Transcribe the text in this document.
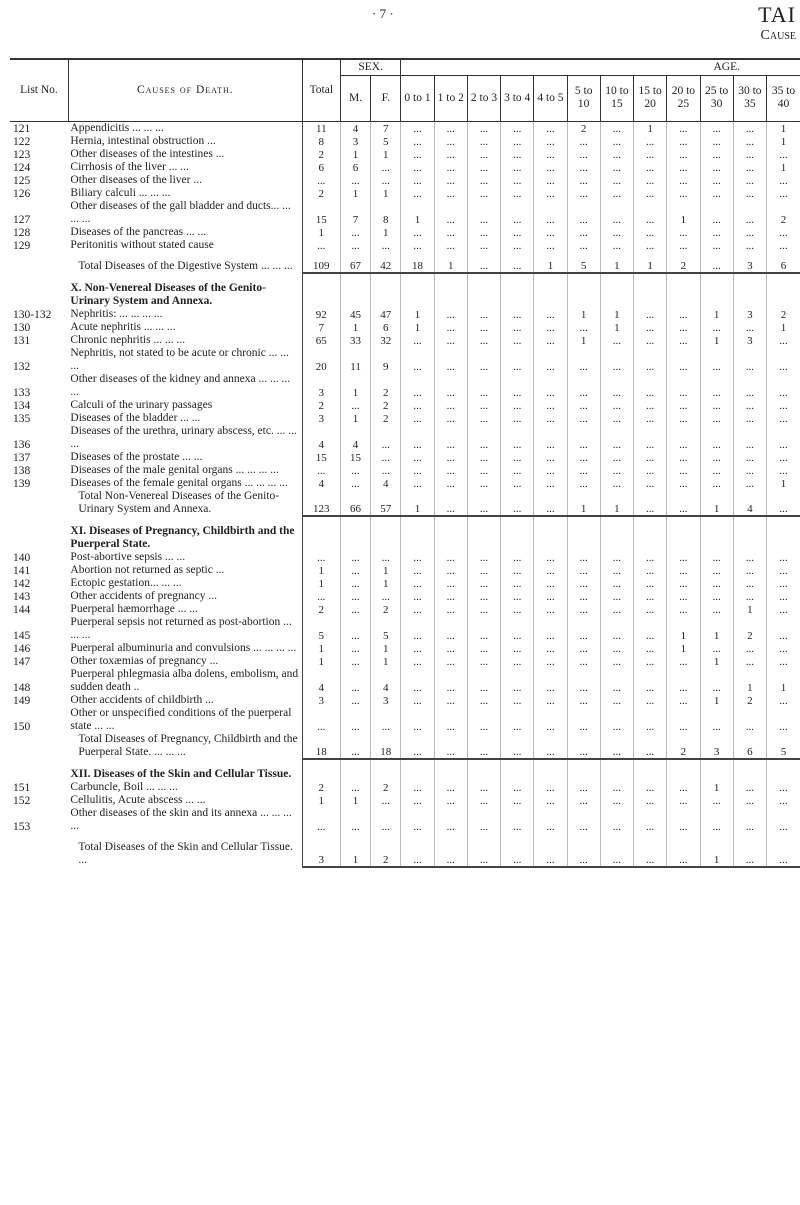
· 7 ·	TAI
Cause
List No.	Causes of Death.	Total	SEX.		AGE.											
			M.	F.	0 to 1	1 to 2	2 to 3	3 to 4	4 to 5	5 to 10	10 to 15	15 to 20	20 to 25	25 to 30	30 to 35	35 to 40
121	Appendicitis ... ... ...	11	4	7	...	...	...	...	...	2	...	1	...	...	...	1
122	Hernia, intestinal obstruction ...	8	3	5	...	...	...	...	...	...	...	...	...	...	...	1
123	Other diseases of the intestines ...	2	1	1	...	...	...	...	...	...	...	...	...	...	...	...
124	Cirrhosis of the liver ... ...	6	6	...	...	...	...	...	...	...	...	...	...	...	...	1
125	Other diseases of the liver ...	...	...	...	...	...	...	...	...	...	...	...	...	...	...	...
126	Biliary calculi ... ... ...	2	1	1	...	...	...	...	...	...	...	...	...	...	...	...
127	Other diseases of the gall bladder and ducts... ... ... ...	15	7	8	1	...	...	...	...	...	...	...	1	...	...	2
128	Diseases of the pancreas ... ...	1	...	1	...	...	...	...	...	...	...	...	...	...	...	...
129	Peritonitis without stated cause	...	...	...	...	...	...	...	...	...	...	...	...	...	...	...

	Total Diseases of the Digestive System ... ... ...	109	67	42	18	1	...	...	1	5	1	1	2	...	3	6

	X. Non-Venereal Diseases of the Genito-Urinary System and Annexa.															
130-132	Nephritis: ... ... ... ...	92	45	47	1	...	...	...	...	1	1	...	...	1	3	2
130	Acute nephritis ... ... ...	7	1	6	1	...	...	...	...	...	1	...	...	...	...	1
131	Chronic nephritis ... ... ...	65	33	32	...	...	...	...	...	1	...	...	...	1	3	...
132	Nephritis, not stated to be acute or chronic ... ... ...	20	11	9	...	...	...	...	...	...	...	...	...	...	...	...
133	Other diseases of the kidney and annexa ... ... ... ...	3	1	2	...	...	...	...	...	...	...	...	...	...	...	...
134	Calculi of the urinary passages	2	...	2	...	...	...	...	...	...	...	...	...	...	...	...
135	Diseases of the bladder ... ...	3	1	2	...	...	...	...	...	...	...	...	...	...	...	...
136	Diseases of the urethra, urinary abscess, etc. ... ... ...	4	4	...	...	...	...	...	...	...	...	...	...	...	...	...
137	Diseases of the prostate ... ...	15	15	...	...	...	...	...	...	...	...	...	...	...	...	...
138	Diseases of the male genital organs ... ... ... ...	...	...	...	...	...	...	...	...	...	...	...	...	...	...	...
139	Diseases of the female genital organs ... ... ... ...	4	...	4	...	...	...	...	...	...	...	...	...	...	...	1
	Total Non-Venereal Diseases of the Genito-Urinary System and Annexa.	123	66	57	1	...	...	...	...	1	1	...	...	1	4	...

	XI. Diseases of Pregnancy, Childbirth and the Puerperal State.															
140	Post-abortive sepsis ... ...	...	...	...	...	...	...	...	...	...	...	...	...	...	...	...
141	Abortion not returned as septic ...	1	...	1	...	...	...	...	...	...	...	...	...	...	...	...
142	Ectopic gestation... ... ...	1	...	1	...	...	...	...	...	...	...	...	...	...	...	...
143	Other accidents of pregnancy ...	...	...	...	...	...	...	...	...	...	...	...	...	...	...	...
144	Puerperal hæmorrhage ... ...	2	...	2	...	...	...	...	...	...	...	...	...	...	1	...
145	Puerperal sepsis not returned as post-abortion ... ... ...	5	...	5	...	...	...	...	...	...	...	...	1	1	2	...
146	Puerperal albuminuria and convulsions ... ... ... ...	1	...	1	...	...	...	...	...	...	...	...	1	...	...	...
147	Other toxæmias of pregnancy ...	1	...	1	...	...	...	...	...	...	...	...	...	1	...	...
148	Puerperal phlegmasia alba dolens, embolism, and sudden death ..	4	...	4	...	...	...	...	...	...	...	...	...	...	1	1
149	Other accidents of childbirth ...	3	...	3	...	...	...	...	...	...	...	...	...	1	2	...
150	Other or unspecified conditions of the puerperal state ... ...	...	...	...	...	...	...	...	...	...	...	...	...	...	...	...
	Total Diseases of Pregnancy, Childbirth and the Puerperal State. ... ... ...	18	...	18	...	...	...	...	...	...	...	...	2	3	6	5

	XII. Diseases of the Skin and Cellular Tissue.															
151	Carbuncle, Boil ... ... ...	2	...	2	...	...	...	...	...	...	...	...	...	1	...	...
152	Cellulitis, Acute abscess ... ...	1	1	...	...	...	...	...	...	...	...	...	...	...	...	...
153	Other diseases of the skin and its annexa ... ... ... ...	...	...	...	...	...	...	...	...	...	...	...	...	...	...	...

	Total Diseases of the Skin and Cellular Tissue. ...	3	1	2	...	...	...	...	...	...	...	...	...	1	...	...
